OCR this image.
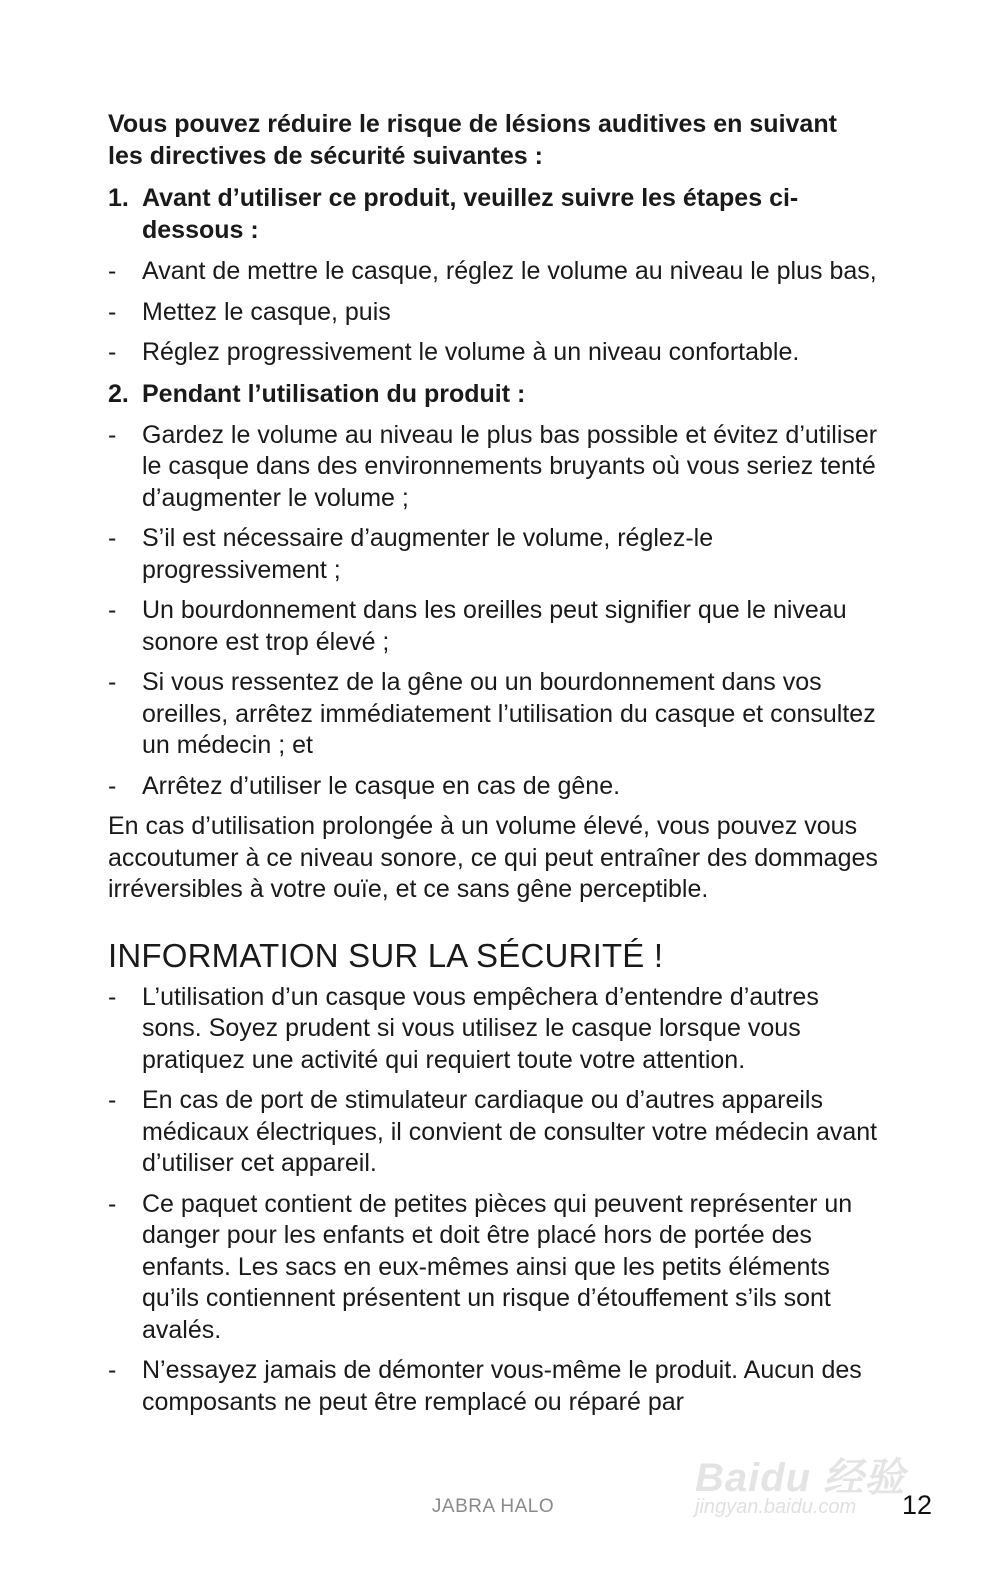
Vous pouvez réduire le risque de lésions auditives en suivant les directives de sécurité suivantes :

1. Avant d’utiliser ce produit, veuillez suivre les étapes ci-dessous :
-	Avant de mettre le casque, réglez le volume au niveau le plus bas,
-	Mettez le casque, puis
-	Réglez progressivement le volume à un niveau confortable.
2. Pendant l’utilisation du produit :
-	Gardez le volume au niveau le plus bas possible et évitez d’utiliser le casque dans des environnements bruyants où vous seriez tenté d’augmenter le volume ;
-	S’il est nécessaire d’augmenter le volume, réglez-le progressivement ;
-	Un bourdonnement dans les oreilles peut signifier que le niveau sonore est trop élevé ;
-	Si vous ressentez de la gêne ou un bourdonnement dans vos oreilles, arrêtez immédiatement l’utilisation du casque et consultez un médecin ; et
-	Arrêtez d’utiliser le casque en cas de gêne.

En cas d’utilisation prolongée à un volume élevé, vous pouvez vous accoutumer à ce niveau sonore, ce qui peut entraîner des dommages irréversibles à votre ouïe, et ce sans gêne perceptible.

INFORMATION SUR LA SÉCURITÉ !
-	L’utilisation d’un casque vous empêchera d’entendre d’autres sons. Soyez prudent si vous utilisez le casque lorsque vous pratiquez une activité qui requiert toute votre attention.
-	En cas de port de stimulateur cardiaque ou d’autres appareils médicaux électriques, il convient de consulter votre médecin avant d’utiliser cet appareil.
-	Ce paquet contient de petites pièces qui peuvent représenter un danger pour les enfants et doit être placé hors de portée des enfants. Les sacs en eux-mêmes ainsi que les petits éléments qu’ils contiennent présentent un risque d’étouffement s’ils sont avalés.
-	N’essayez jamais de démonter vous-même le produit. Aucun des composants ne peut être remplacé ou réparé par
Baidu 经验
jingyan.baidu.com
JABRA HALO	12
